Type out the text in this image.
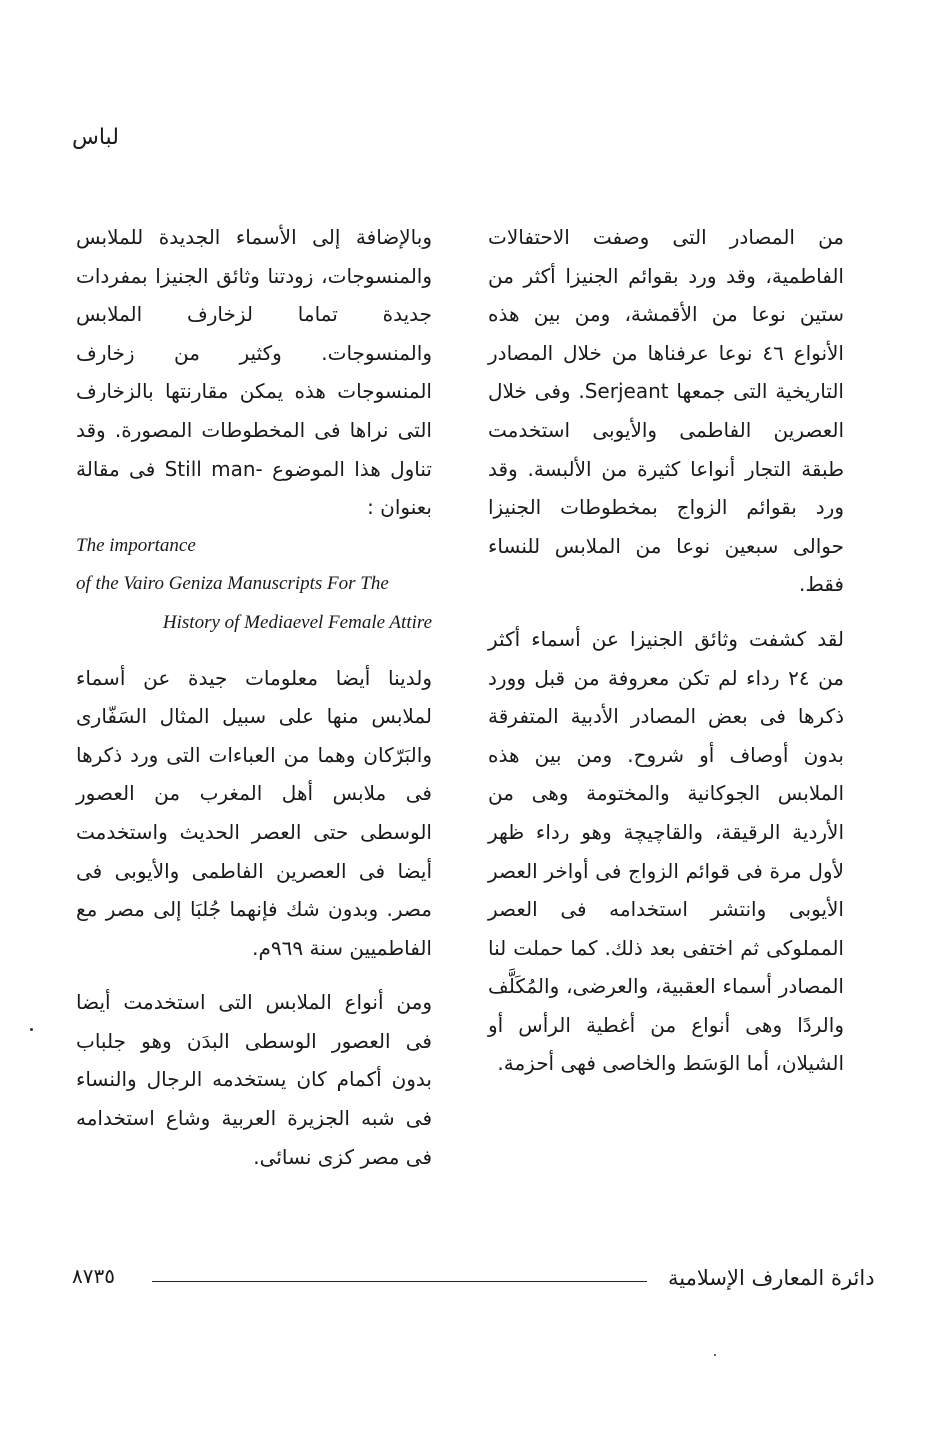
لباس

من المصادر التى وصفت الاحتفالات الفاطمية، وقد ورد بقوائم الجنيزا أكثر من ستين نوعا من الأقمشة، ومن بين هذه الأنواع ٤٦ نوعا عرفناها من خلال المصادر التاريخية التى جمعها Serjeant. وفى خلال العصرين الفاطمى والأيوبى استخدمت طبقة التجار أنواعا كثيرة من الألبسة. وقد ورد بقوائم الزواج بمخطوطات الجنيزا حوالى سبعين نوعا من الملابس للنساء فقط.

لقد كشفت وثائق الجنيزا عن أسماء أكثر من ٢٤ رداء لم تكن معروفة من قبل وورد ذكرها فى بعض المصادر الأدبية المتفرقة بدون أوصاف أو شروح. ومن بين هذه الملابس الجوكانية والمختومة وهى من الأردية الرقيقة، والقاچيچة وهو رداء ظهر لأول مرة فى قوائم الزواج فى أواخر العصر الأيوبى وانتشر استخدامه فى العصر المملوكى ثم اختفى بعد ذلك. كما حملت لنا المصادر أسماء العقبية، والعرضى، والمُكَلَّف والردًا وهى أنواع من أغطية الرأس أو الشيلان، أما الوَسَط والخاصى فهى أحزمة.

وبالإضافة إلى الأسماء الجديدة للملابس والمنسوجات، زودتنا وثائق الجنيزا بمفردات جديدة تماما لزخارف الملابس والمنسوجات. وكثير من زخارف المنسوجات هذه يمكن مقارنتها بالزخارف التى نراها فى المخطوطات المصورة. وقد تناول هذا الموضوع -Still man فى مقالة بعنوان :
The importance
of the Vairo Geniza Manuscripts For The
History of Mediaevel Female Attire

ولدينا أيضا معلومات جيدة عن أسماء لملابس منها على سبيل المثال السَفّارى والبَرّكان وهما من العباءات التى ورد ذكرها فى ملابس أهل المغرب من العصور الوسطى حتى العصر الحديث واستخدمت أيضا فى العصرين الفاطمى والأيوبى فى مصر. وبدون شك فإنهما جُلبَا إلى مصر مع الفاطميين سنة ٩٦٩م.

ومن أنواع الملابس التى استخدمت أيضا فى العصور الوسطى البدَن وهو جلباب بدون أكمام كان يستخدمه الرجال والنساء فى شبه الجزيرة العربية وشاع استخدامه فى مصر كزى نسائى.

٨٧٣٥	دائرة المعارف الإسلامية
